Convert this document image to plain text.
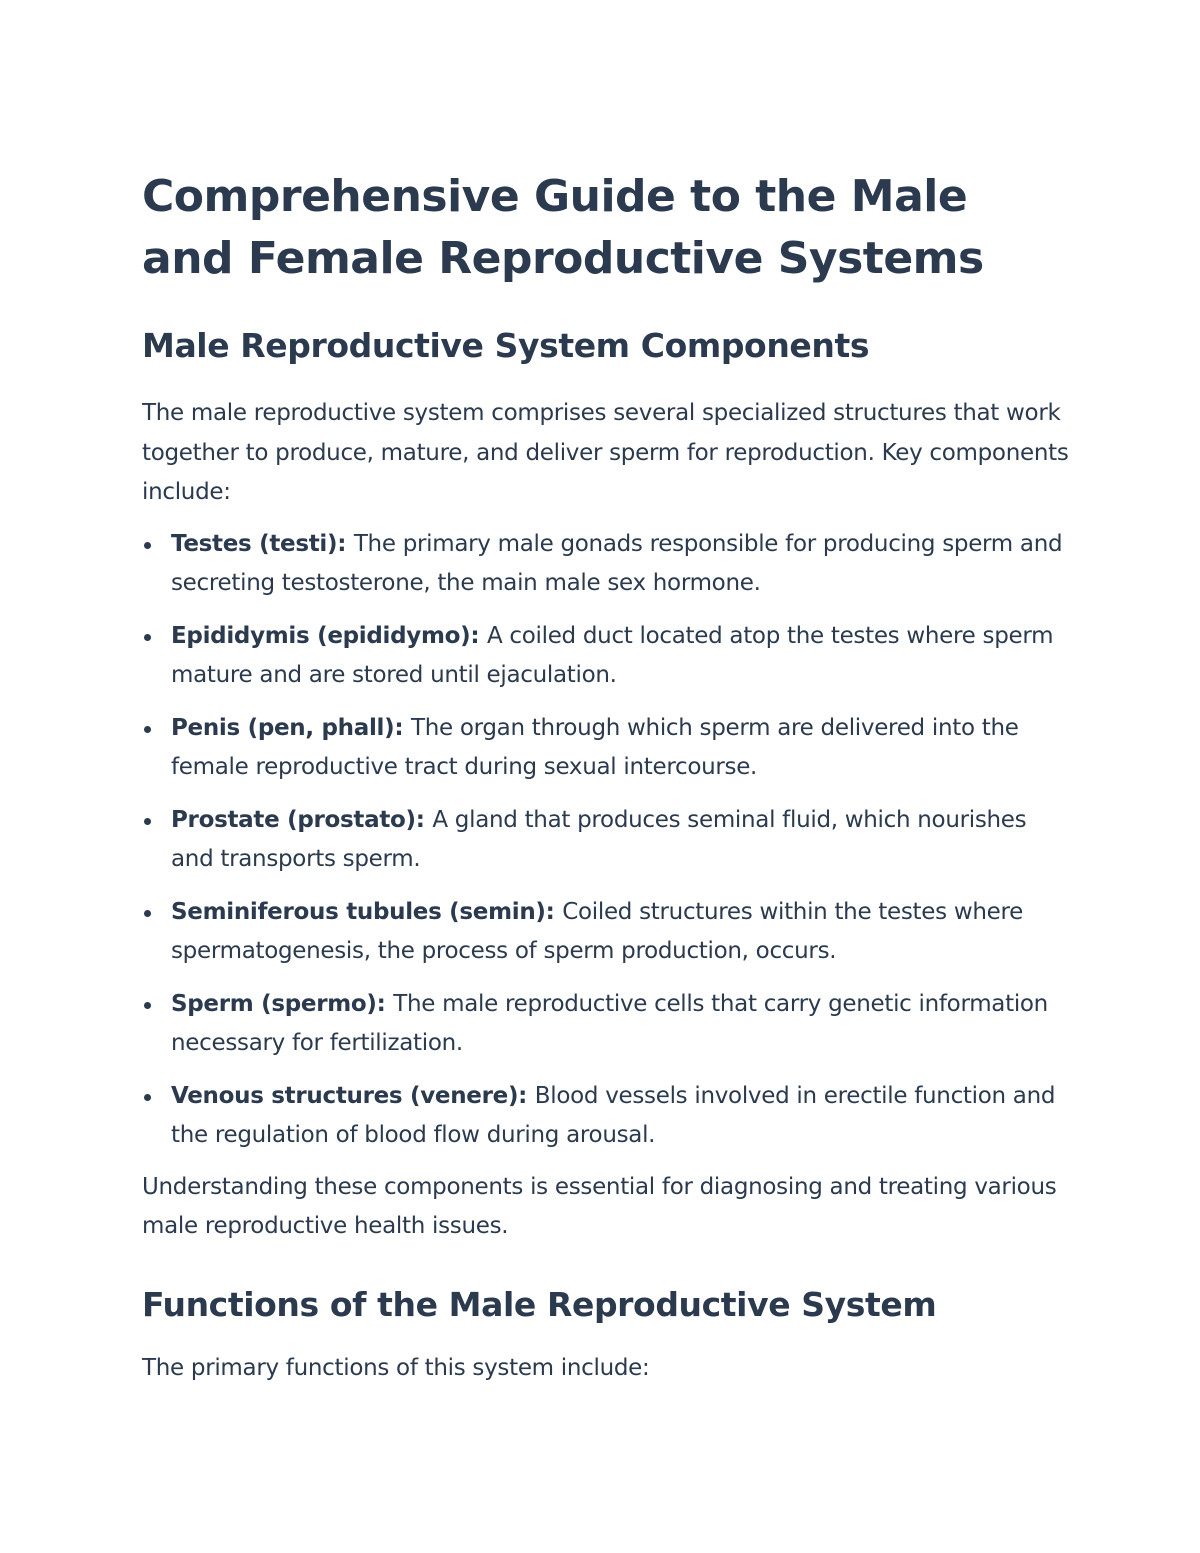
Comprehensive Guide to the Male and Female Reproductive Systems
Male Reproductive System Components

The male reproductive system comprises several specialized structures that work together to produce, mature, and deliver sperm for reproduction. Key components include:

Testes (testi): The primary male gonads responsible for producing sperm and secreting testosterone, the main male sex hormone.
Epididymis (epididymo): A coiled duct located atop the testes where sperm mature and are stored until ejaculation.
Penis (pen, phall): The organ through which sperm are delivered into the female reproductive tract during sexual intercourse.
Prostate (prostato): A gland that produces seminal fluid, which nourishes and transports sperm.
Seminiferous tubules (semin): Coiled structures within the testes where spermatogenesis, the process of sperm production, occurs.
Sperm (spermo): The male reproductive cells that carry genetic information necessary for fertilization.
Venous structures (venere): Blood vessels involved in erectile function and the regulation of blood flow during arousal.

Understanding these components is essential for diagnosing and treating various male reproductive health issues.

Functions of the Male Reproductive System

The primary functions of this system include:
